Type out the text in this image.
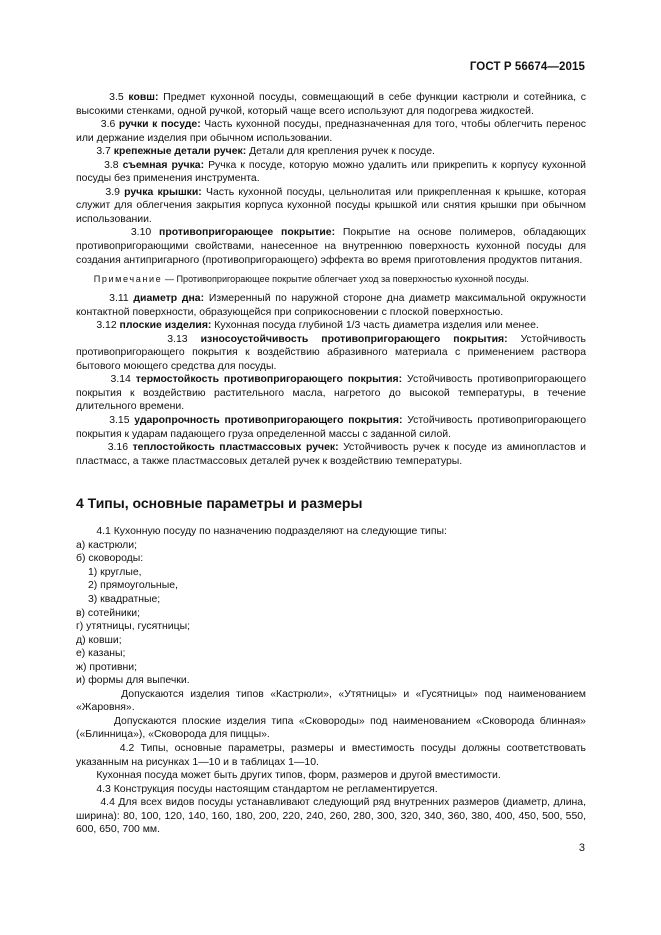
ГОСТ Р 56674—2015

3.5 ковш: Предмет кухонной посуды, совмещающий в себе функции кастрюли и сотейника, с высокими стенками, одной ручкой, который чаще всего используют для подогрева жидкостей.

3.6 ручки к посуде: Часть кухонной посуды, предназначенная для того, чтобы облегчить перенос или держание изделия при обычном использовании.

3.7 крепежные детали ручек: Детали для крепления ручек к посуде.

3.8 съемная ручка: Ручка к посуде, которую можно удалить или прикрепить к корпусу кухонной посуды без применения инструмента.

3.9 ручка крышки: Часть кухонной посуды, цельнолитая или прикрепленная к крышке, которая служит для облегчения закрытия корпуса кухонной посуды крышкой или снятия крышки при обычном использовании.

3.10 противопригорающее покрытие: Покрытие на основе полимеров, обладающих противопригорающими свойствами, нанесенное на внутреннюю поверхность кухонной посуды для создания антипригарного (противопригорающего) эффекта во время приготовления продуктов питания.

Примечание — Противопригорающее покрытие облегчает уход за поверхностью кухонной посуды.

3.11 диаметр дна: Измеренный по наружной стороне дна диаметр максимальной окружности контактной поверхности, образующейся при соприкосновении с плоской поверхностью.

3.12 плоские изделия: Кухонная посуда глубиной 1/3 часть диаметра изделия или менее.

3.13 износоустойчивость противопригорающего покрытия: Устойчивость противопригорающего покрытия к воздействию абразивного материала с применением раствора бытового моющего средства для посуды.

3.14 термостойкость противопригорающего покрытия: Устойчивость противопригорающего покрытия к воздействию растительного масла, нагретого до высокой температуры, в течение длительного времени.

3.15 ударопрочность противопригорающего покрытия: Устойчивость противопригорающего покрытия к ударам падающего груза определенной массы с заданной силой.

3.16 теплостойкость пластмассовых ручек: Устойчивость ручек к посуде из аминопластов и пластмасс, а также пластмассовых деталей ручек к воздействию температуры.

4 Типы, основные параметры и размеры

4.1 Кухонную посуду по назначению подразделяют на следующие типы:

а) кастрюли;

б) сковороды:

1) круглые,

2) прямоугольные,

3) квадратные;

в) сотейники;

г) утятницы, гусятницы;

д) ковши;

е) казаны;

ж) противни;

и) формы для выпечки.

Допускаются изделия типов «Кастрюли», «Утятницы» и «Гусятницы» под наименованием «Жаровня».

Допускаются плоские изделия типа «Сковороды» под наименованием «Сковорода блинная» («Блинница»), «Сковорода для пиццы».

4.2 Типы, основные параметры, размеры и вместимость посуды должны соответствовать указанным на рисунках 1—10 и в таблицах 1—10.

Кухонная посуда может быть других типов, форм, размеров и другой вместимости.

4.3 Конструкция посуды настоящим стандартом не регламентируется.

4.4 Для всех видов посуды устанавливают следующий ряд внутренних размеров (диаметр, длина, ширина): 80, 100, 120, 140, 160, 180, 200, 220, 240, 260, 280, 300, 320, 340, 360, 380, 400, 450, 500, 550, 600, 650, 700 мм.

3
